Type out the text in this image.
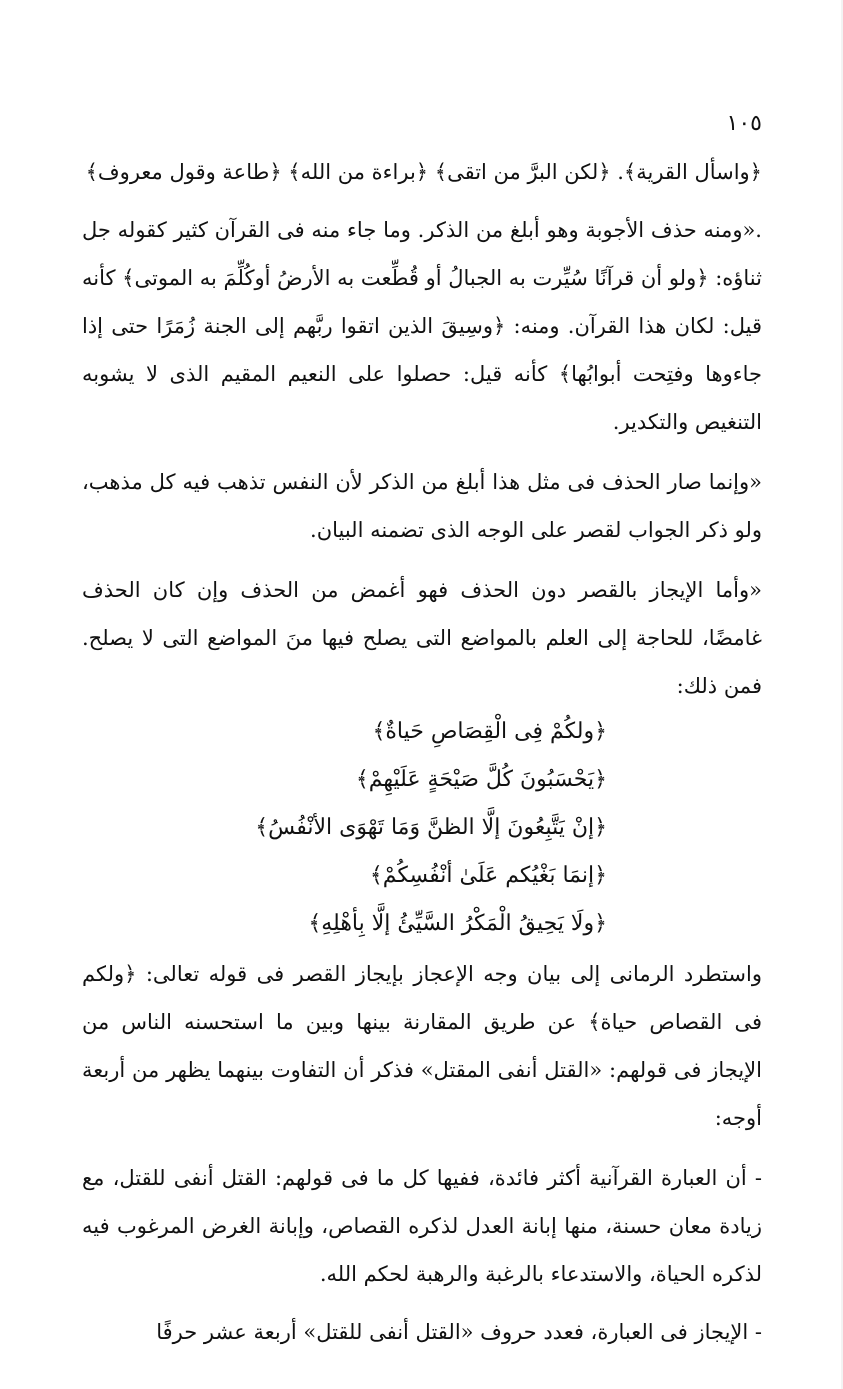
١٠٥

﴿واسأل القرية﴾. ﴿لكن البرَّ من اتقى﴾ ﴿براءة من الله﴾ ﴿طاعة وقول معروف﴾

.«ومنه حذف الأجوبة وهو أبلغ من الذكر. وما جاء منه فى القرآن كثير كقوله جل ثناؤه: ﴿ولو أن قرآنًا سُيِّرت به الجبالُ أو قُطِّعت به الأرضُ أوكُلِّمَ به الموتى﴾ كأنه قيل: لكان هذا القرآن. ومنه: ﴿وسِيقَ الذين اتقوا ربَّهم إلى الجنة زُمَرًا حتى إذا جاءوها وفتِحت أبوابُها﴾ كأنه قيل: حصلوا على النعيم المقيم الذى لا يشوبه التنغيص والتكدير.

«وإنما صار الحذف فى مثل هذا أبلغ من الذكر لأن النفس تذهب فيه كل مذهب، ولو ذكر الجواب لقصر على الوجه الذى تضمنه البيان.

«وأما الإيجاز بالقصر دون الحذف فهو أغمض من الحذف وإن كان الحذف غامضًا، للحاجة إلى العلم بالمواضع التى يصلح فيها منَ المواضع التى لا يصلح. فمن ذلك:

﴿ولكُمْ فِى الْقِصَاصِ حَياةٌ﴾
﴿يَحْسَبُونَ كُلَّ صَيْحَةٍ عَلَيْهِمْ﴾
﴿إنْ يَتَّبِعُونَ إلَّا الظنَّ وَمَا تَهْوَى الأنْفُسُ﴾
﴿إنمَا بَغْيُكم عَلَىٰ أنْفُسِكُمْ﴾
﴿ولَا يَحِيقُ الْمَكْرُ السَّيِّئُ إلَّا بِأهْلِهِ﴾

واستطرد الرمانى إلى بيان وجه الإعجاز بإيجاز القصر فى قوله تعالى: ﴿ولكم فى القصاص حياة﴾ عن طريق المقارنة بينها وبين ما استحسنه الناس من الإيجاز فى قولهم: «القتل أنفى المقتل» فذكر أن التفاوت بينهما يظهر من أربعة أوجه:

- أن العبارة القرآنية أكثر فائدة، ففيها كل ما فى قولهم: القتل أنفى للقتل، مع زيادة معان حسنة، منها إبانة العدل لذكره القصاص، وإبانة الغرض المرغوب فيه لذكره الحياة، والاستدعاء بالرغبة والرهبة لحكم الله.

- الإيجاز فى العبارة، فعدد حروف «القتل أنفى للقتل» أربعة عشر حرفًا
